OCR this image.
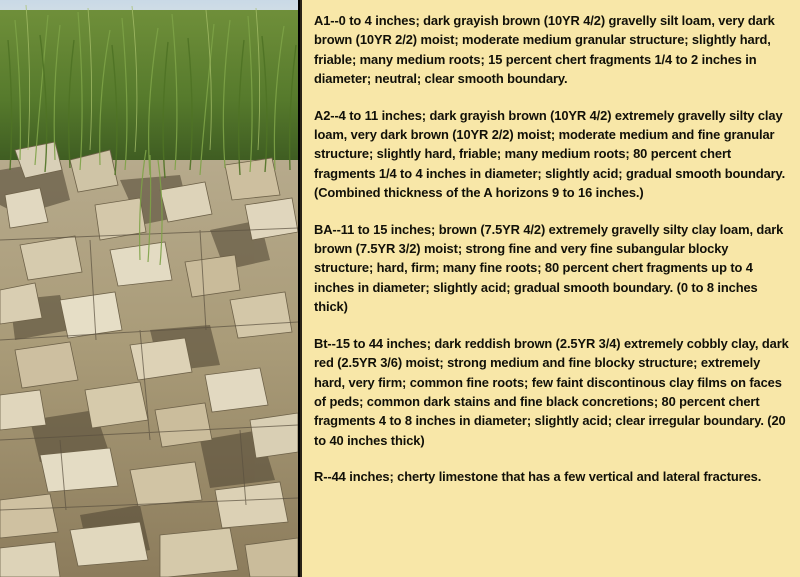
A1--0 to 4 inches; dark grayish brown (10YR 4/2) gravelly silt loam, very dark brown (10YR 2/2) moist; moderate medium granular structure; slightly hard, friable; many medium roots; 15 percent chert fragments 1/4 to 2 inches in diameter; neutral; clear smooth boundary.

A2--4 to 11 inches; dark grayish brown (10YR 4/2) extremely gravelly silty clay loam, very dark brown (10YR 2/2) moist; moderate medium and fine granular structure; slightly hard, friable; many medium roots; 80 percent chert fragments 1/4 to 4 inches in diameter; slightly acid; gradual smooth boundary. (Combined thickness of the A horizons 9 to 16 inches.)

BA--11 to 15 inches; brown (7.5YR 4/2) extremely gravelly silty clay loam, dark brown (7.5YR 3/2) moist; strong fine and very fine subangular blocky structure; hard, firm; many fine roots; 80 percent chert fragments up to 4 inches in diameter; slightly acid; gradual smooth boundary. (0 to 8 inches thick)

Bt--15 to 44 inches; dark reddish brown (2.5YR 3/4) extremely cobbly clay, dark red (2.5YR 3/6) moist; strong medium and fine blocky structure; extremely hard, very firm; common fine roots; few faint discontinous clay films on faces of peds; common dark stains and fine black concretions; 80 percent chert fragments 4 to 8 inches in diameter; slightly acid; clear irregular boundary. (20 to 40 inches thick)

R--44 inches; cherty limestone that has a few vertical and lateral fractures.
